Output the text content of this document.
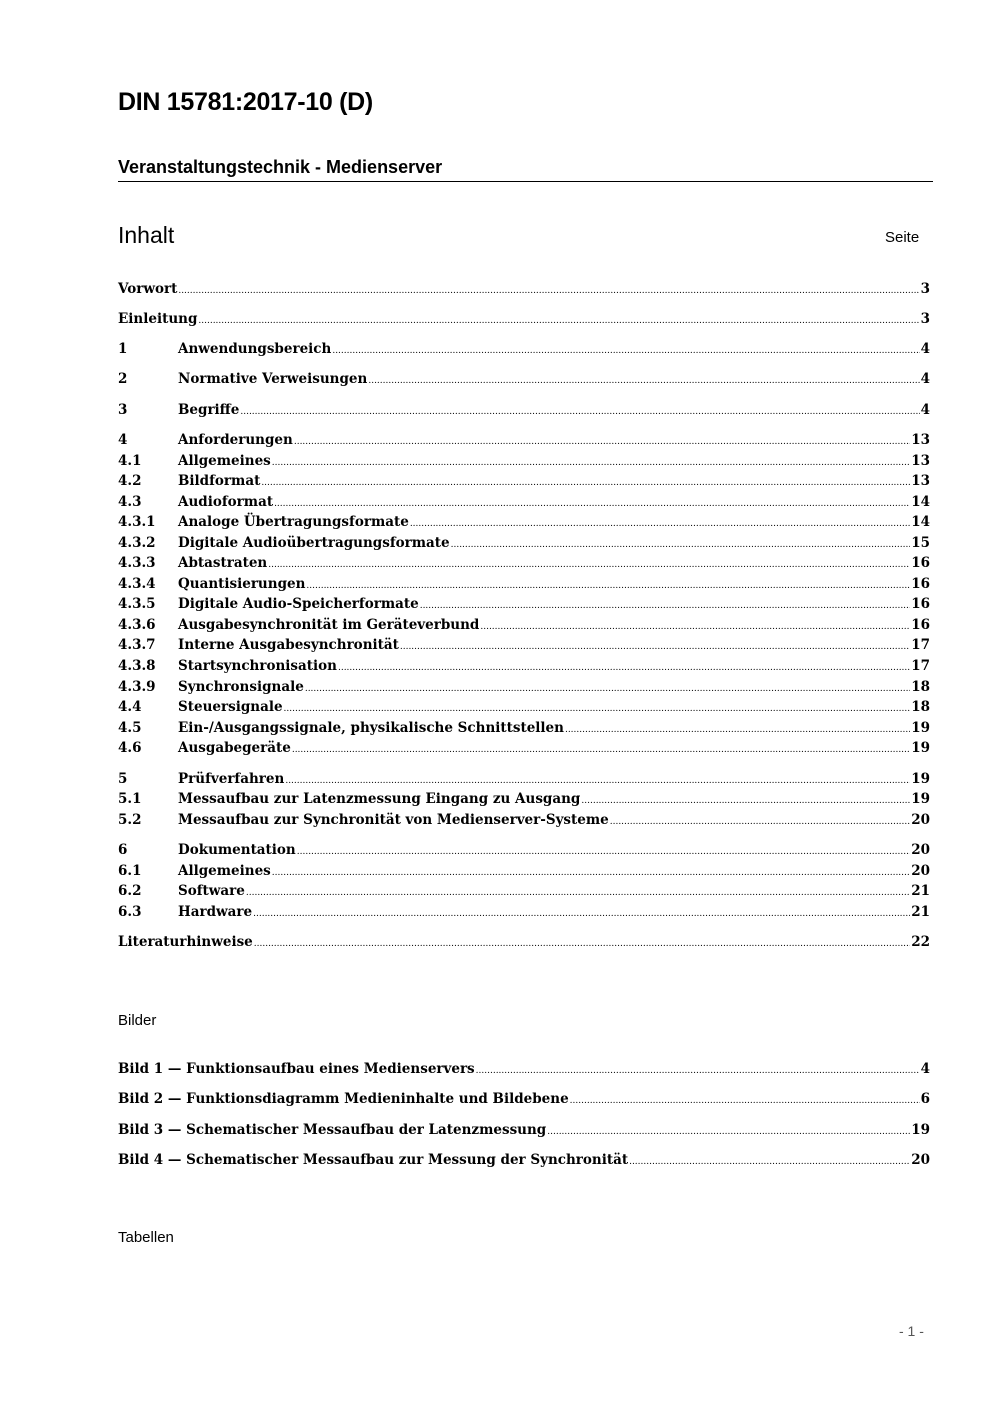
DIN 15781:2017-10 (D)
Veranstaltungstechnik - Medienserver
Inhalt	Seite
Vorwort .....	3
Einleitung .....	3
1	Anwendungsbereich .....	4
2	Normative Verweisungen .....	4
3	Begriffe .....	4
4	Anforderungen .....	13
4.1	Allgemeines .....	13
4.2	Bildformat .....	13
4.3	Audioformat .....	14
4.3.1	Analoge Übertragungsformate .....	14
4.3.2	Digitale Audioübertragungsformate .....	15
4.3.3	Abtastraten .....	16
4.3.4	Quantisierungen .....	16
4.3.5	Digitale Audio-Speicherformate .....	16
4.3.6	Ausgabesynchronität im Geräteverbund .....	16
4.3.7	Interne Ausgabesynchronität .....	17
4.3.8	Startsynchronisation .....	17
4.3.9	Synchronsignale .....	18
4.4	Steuersignale .....	18
4.5	Ein-/Ausgangssignale, physikalische Schnittstellen .....	19
4.6	Ausgabegeräte .....	19
5	Prüfverfahren .....	19
5.1	Messaufbau zur Latenzmessung Eingang zu Ausgang .....	19
5.2	Messaufbau zur Synchronität von Medienserver-Systeme .....	20
6	Dokumentation .....	20
6.1	Allgemeines .....	20
6.2	Software .....	21
6.3	Hardware .....	21
Literaturhinweise .....	22
Bilder
Bild 1 — Funktionsaufbau eines Medienservers .....	4
Bild 2 — Funktionsdiagramm Medieninhalte und Bildebene .....	6
Bild 3 — Schematischer Messaufbau der Latenzmessung .....	19
Bild 4 — Schematischer Messaufbau zur Messung der Synchronität .....	20
Tabellen
- 1 -
